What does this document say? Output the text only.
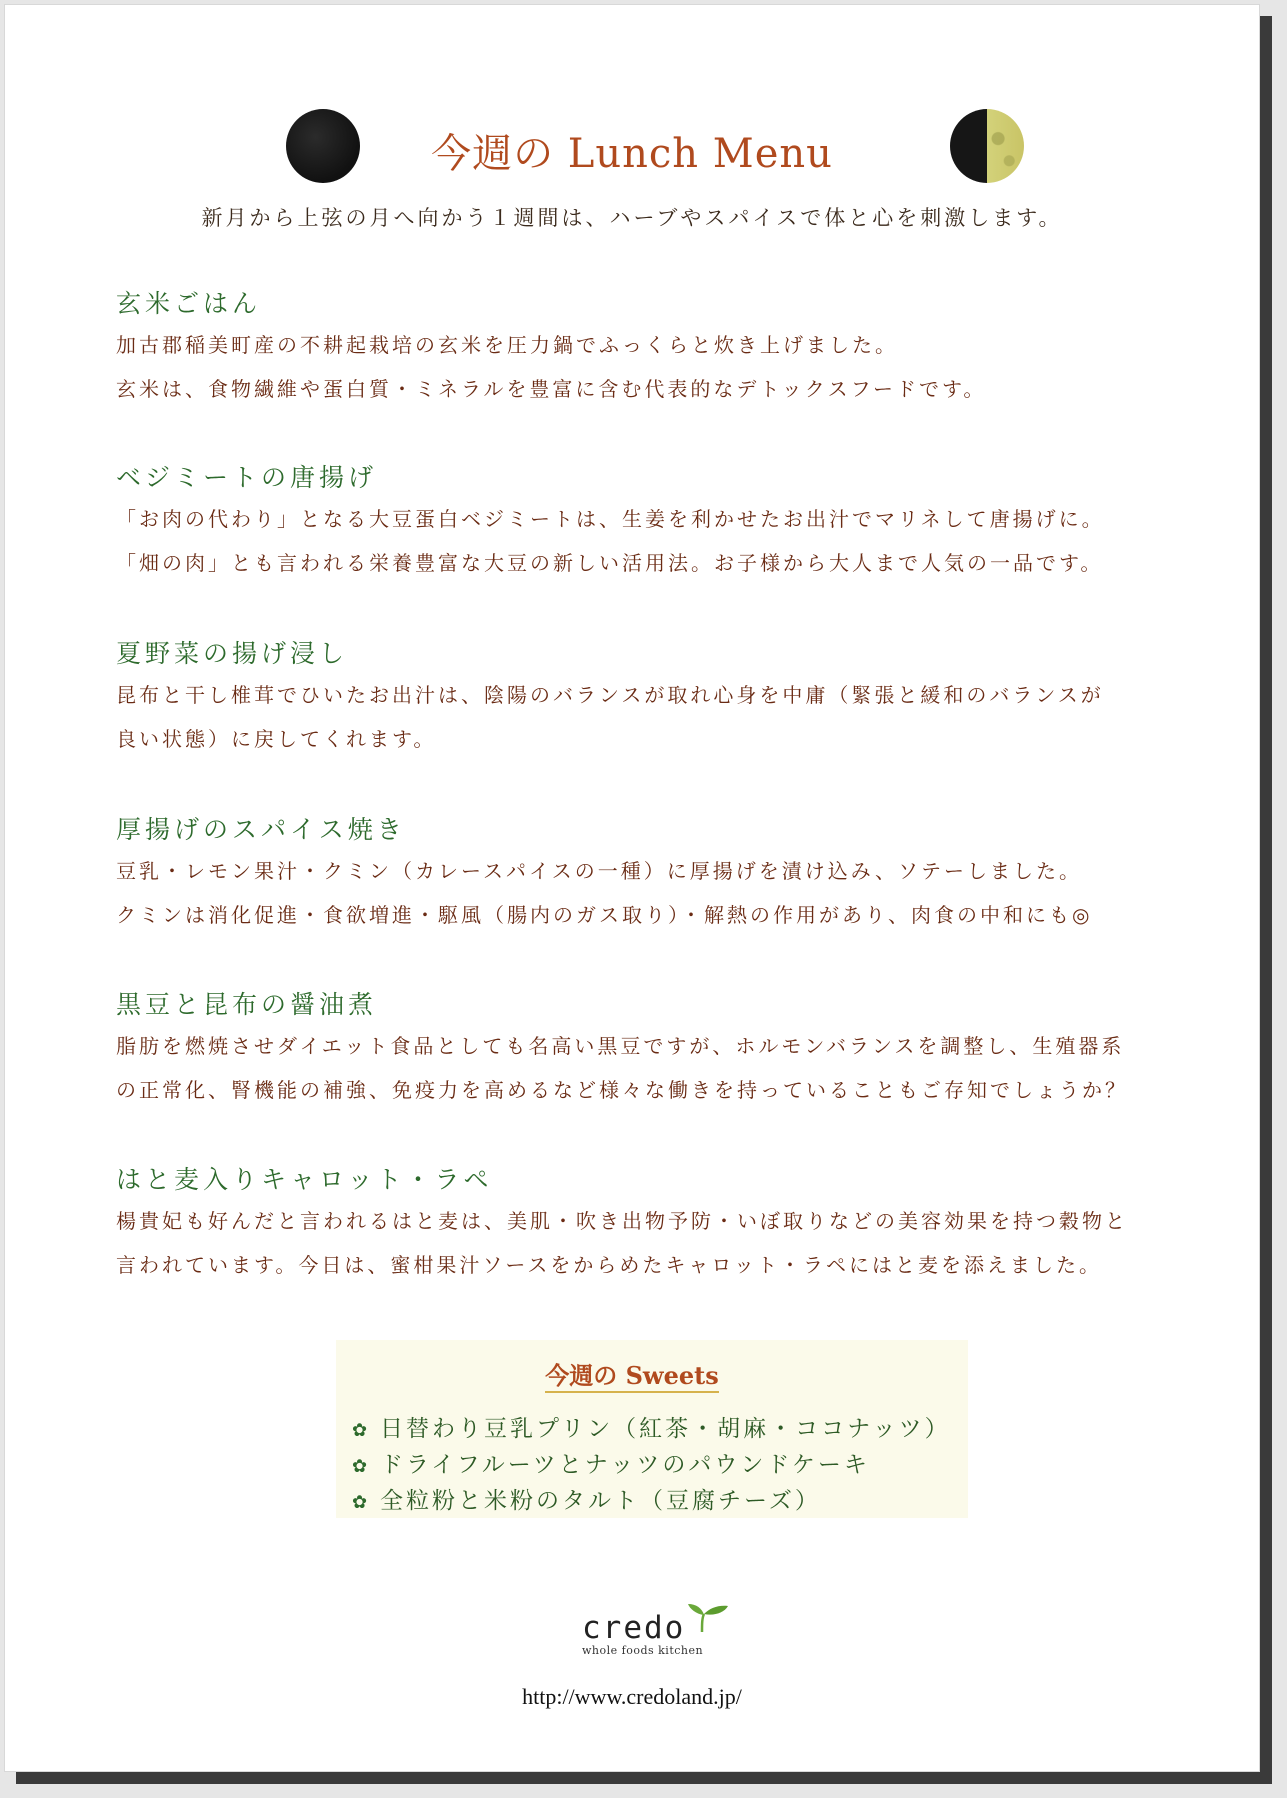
今週の Lunch Menu
新月から上弦の月へ向かう１週間は、ハーブやスパイスで体と心を刺激します。
玄米ごはん

加古郡稲美町産の不耕起栽培の玄米を圧力鍋でふっくらと炊き上げました。

玄米は、食物繊維や蛋白質・ミネラルを豊富に含む代表的なデトックスフードです。

ベジミートの唐揚げ

「お肉の代わり」となる大豆蛋白ベジミートは、生姜を利かせたお出汁でマリネして唐揚げに。

「畑の肉」とも言われる栄養豊富な大豆の新しい活用法。お子様から大人まで人気の一品です。

夏野菜の揚げ浸し

昆布と干し椎茸でひいたお出汁は、陰陽のバランスが取れ心身を中庸（緊張と緩和のバランスが

良い状態）に戻してくれます。

厚揚げのスパイス焼き

豆乳・レモン果汁・クミン（カレースパイスの一種）に厚揚げを漬け込み、ソテーしました。

クミンは消化促進・食欲増進・駆風（腸内のガス取り）・解熱の作用があり、肉食の中和にも◎

黒豆と昆布の醤油煮

脂肪を燃焼させダイエット食品としても名高い黒豆ですが、ホルモンバランスを調整し、生殖器系

の正常化、腎機能の補強、免疫力を高めるなど様々な働きを持っていることもご存知でしょうか？

はと麦入りキャロット・ラペ

楊貴妃も好んだと言われるはと麦は、美肌・吹き出物予防・いぼ取りなどの美容効果を持つ穀物と

言われています。今日は、蜜柑果汁ソースをからめたキャロット・ラペにはと麦を添えました。

今週の Sweets
✿ 日替わり豆乳プリン（紅茶・胡麻・ココナッツ）
✿ ドライフルーツとナッツのパウンドケーキ
✿ 全粒粉と米粉のタルト（豆腐チーズ）
credo
whole foods kitchen
http://www.credoland.jp/
